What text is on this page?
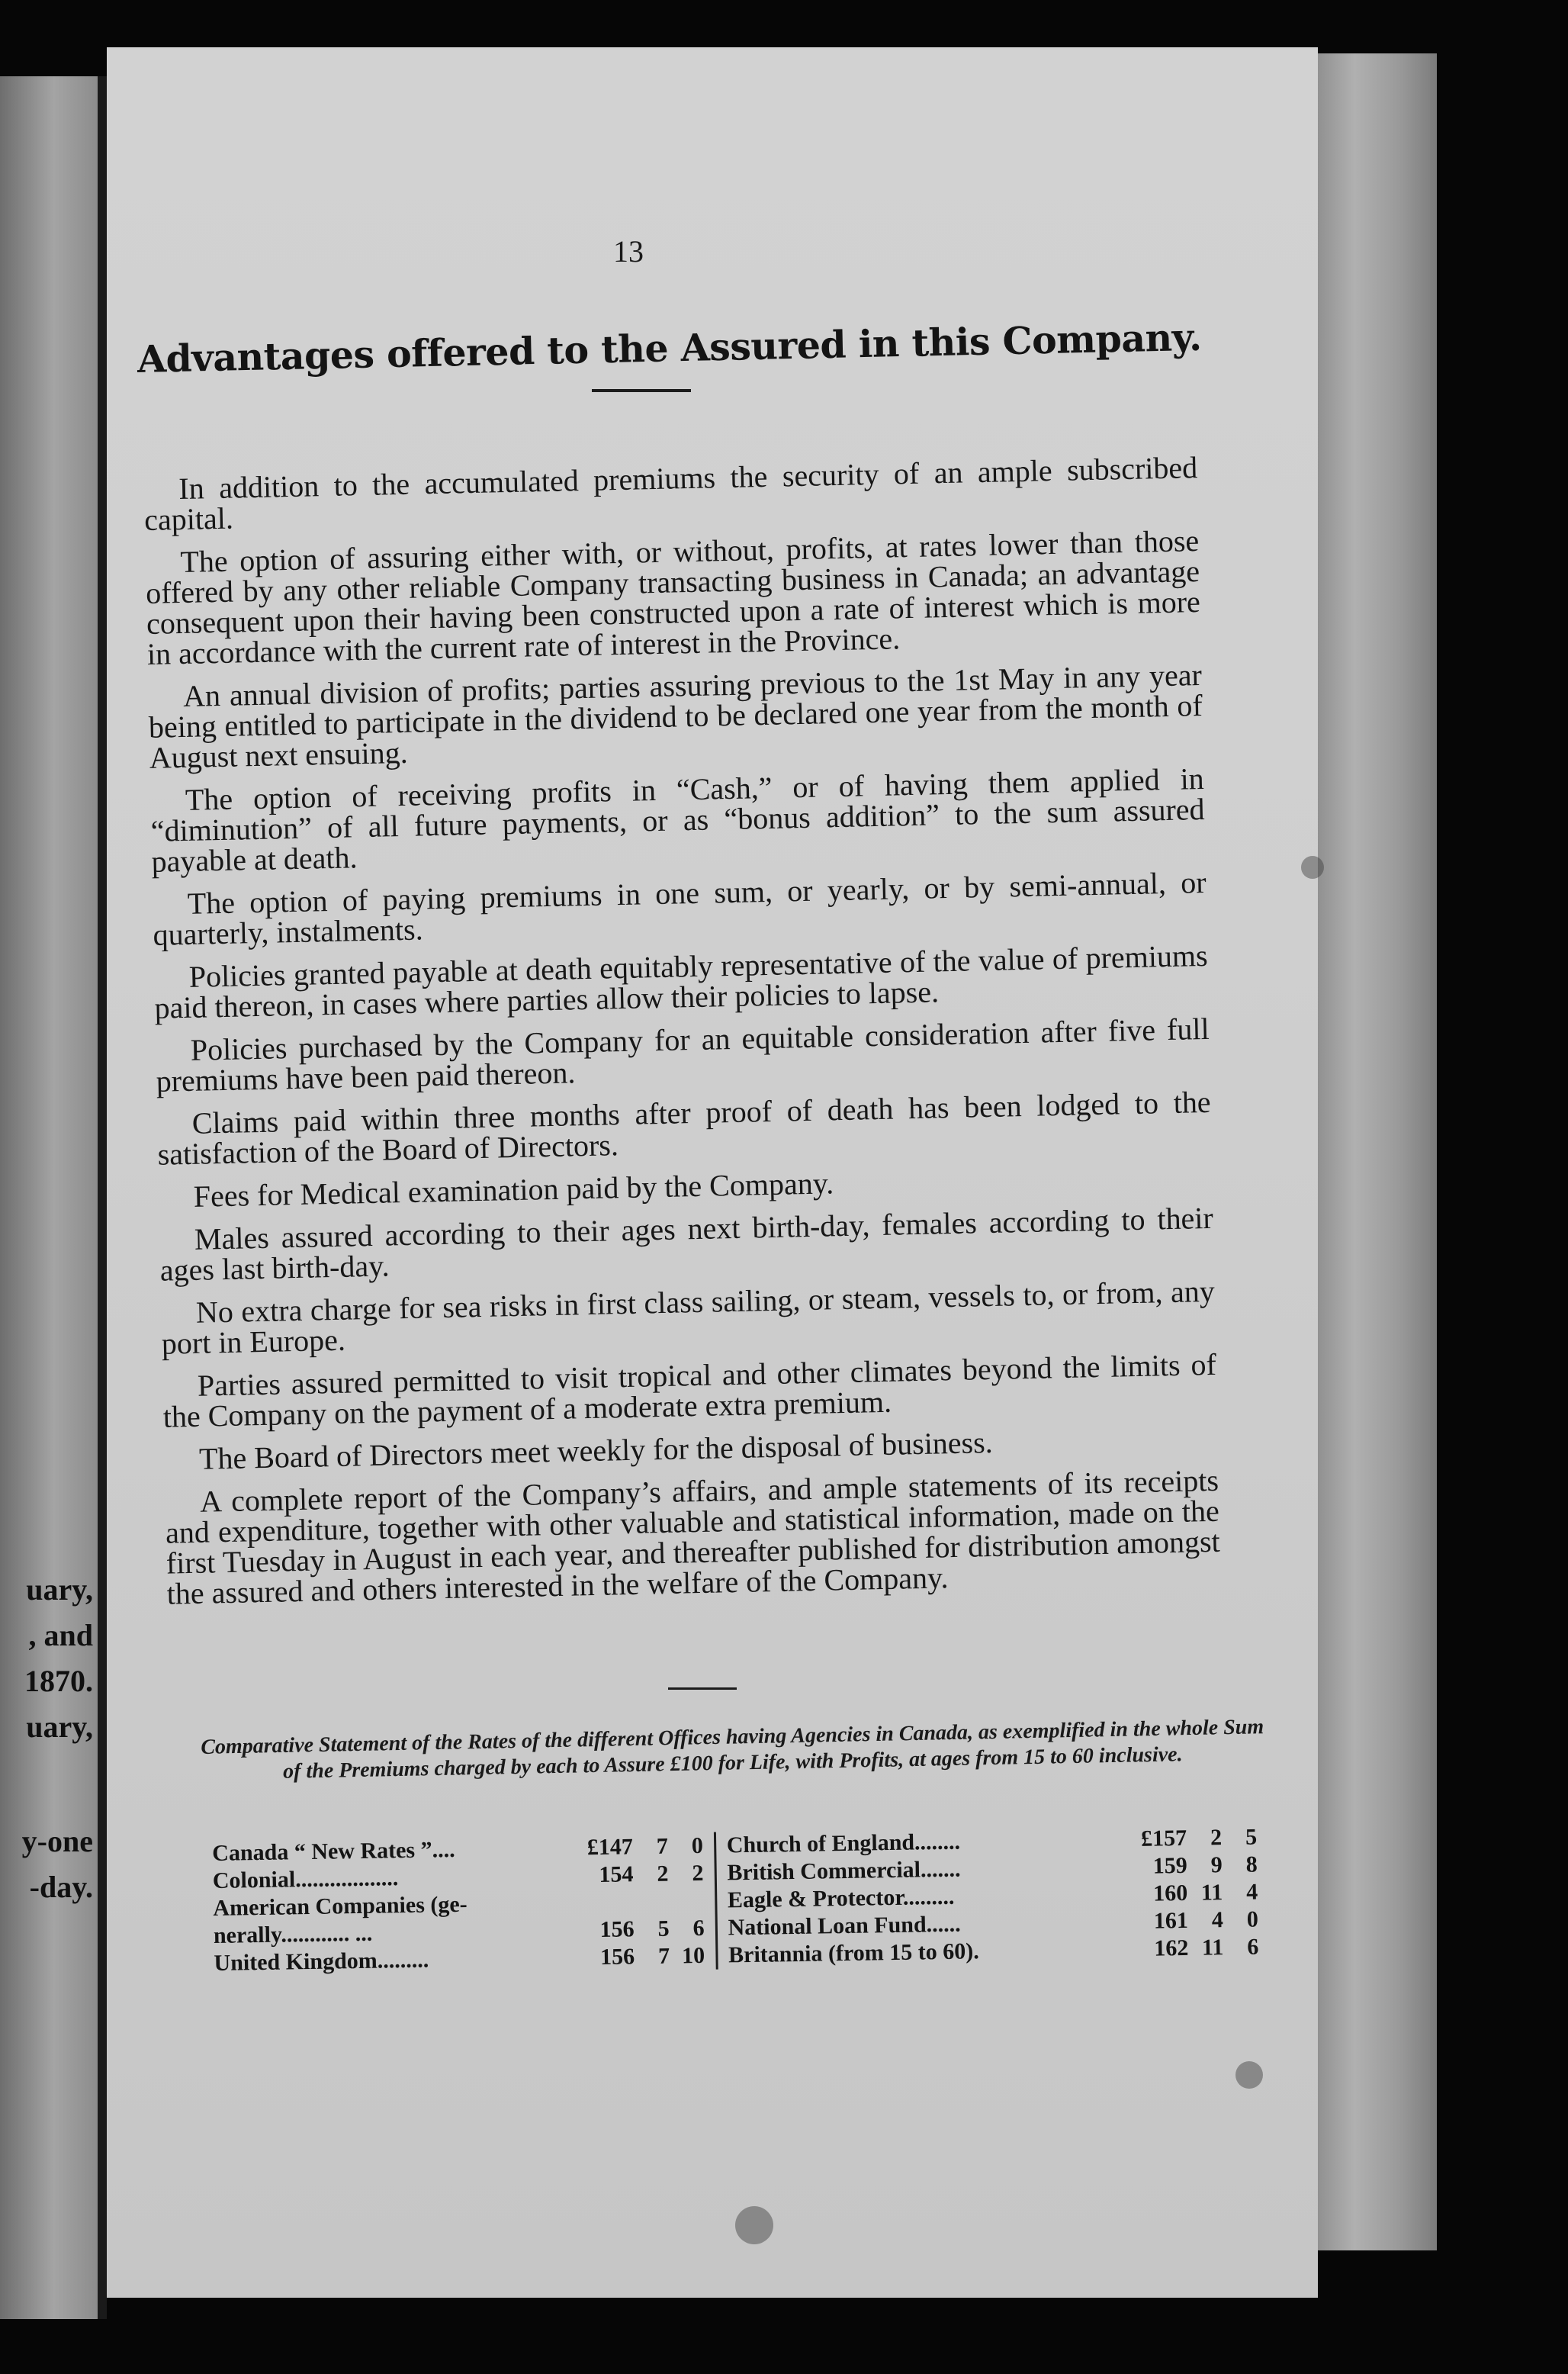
uary,
, and
1870.
uary,
y-one
-day.
13
Advantages offered to the Assured in this Company.

In addition to the accumulated premiums the security of an ample subscribed capital.

The option of assuring either with, or without, profits, at rates lower than those offered by any other reliable Company transacting business in Canada; an advantage consequent upon their having been constructed upon a rate of interest which is more in accordance with the current rate of interest in the Province.

An annual division of profits; parties assuring previous to the 1st May in any year being entitled to participate in the dividend to be declared one year from the month of August next ensuing.

The option of receiving profits in “Cash,” or of having them applied in “diminution” of all future payments, or as “bonus addition” to the sum assured payable at death.

The option of paying premiums in one sum, or yearly, or by semi-annual, or quarterly, instalments.

Policies granted payable at death equitably representative of the value of premiums paid thereon, in cases where parties allow their policies to lapse.

Policies purchased by the Company for an equitable consideration after five full premiums have been paid thereon.

Claims paid within three months after proof of death has been lodged to the satisfaction of the Board of Directors.

Fees for Medical examination paid by the Company.

Males assured according to their ages next birth-day, females according to their ages last birth-day.

No extra charge for sea risks in first class sailing, or steam, vessels to, or from, any port in Europe.

Parties assured permitted to visit tropical and other climates beyond the limits of the Company on the payment of a moderate extra premium.

The Board of Directors meet weekly for the disposal of business.

A complete report of the Company’s affairs, and ample statements of its receipts and expenditure, together with other valuable and statistical information, made on the first Tuesday in August in each year, and thereafter published for distribution amongst the assured and others interested in the welfare of the Company.

Comparative Statement of the Rates of the different Offices having Agencies in Canada, as exemplified in the whole Sum of the Premiums charged by each to Assure £100 for Life, with Profits, at ages from 15 to 60 inclusive.
Canada “ New Rates ”....	£147	7	0
Colonial..................	154	2	2
American Companies (ge-
nerally............ ...	156	5	6
United Kingdom.........	156	7 10
Church of England........	£157	2	5
British Commercial.......	159	9	8
Eagle & Protector.........	160 11	4
National Loan Fund......	161	4	0
Britannia (from 15 to 60).	162 11	6
